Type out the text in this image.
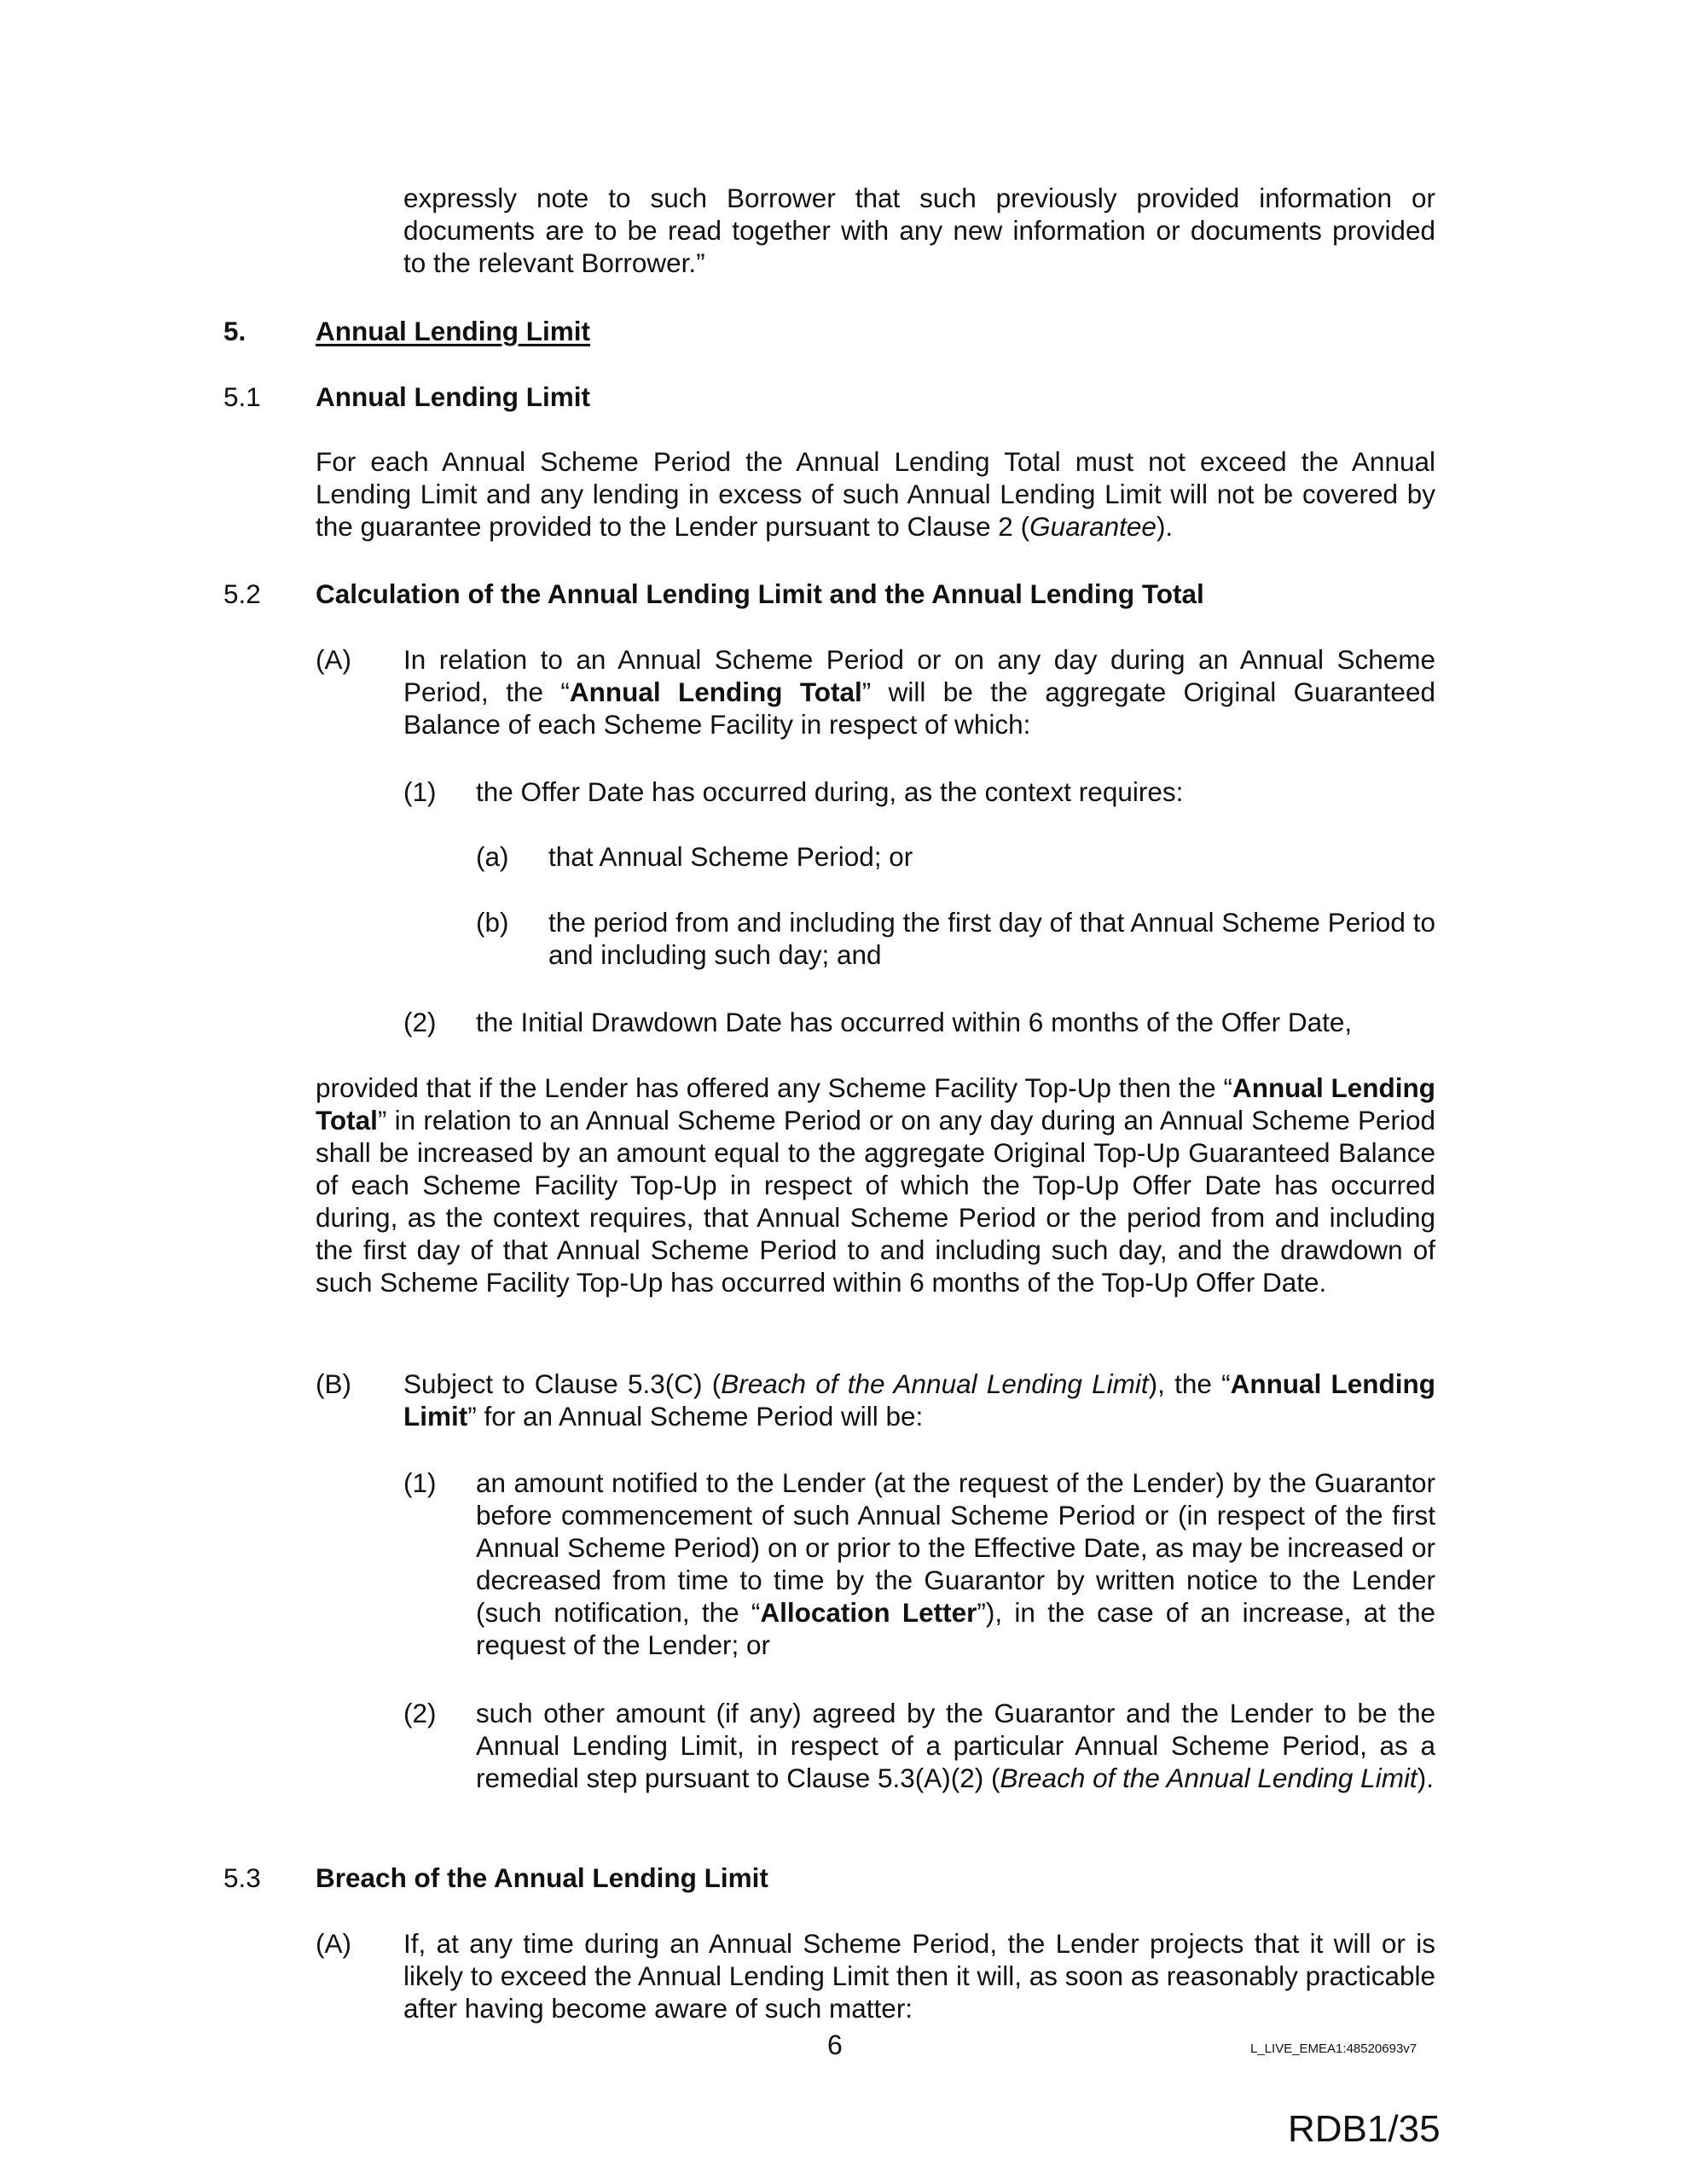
expressly note to such Borrower that such previously provided information or
documents are to be read together with any new information or documents provided
to the relevant Borrower.”
5.	Annual Lending Limit
5.1 Annual Lending Limit
For each Annual Scheme Period the Annual Lending Total must not exceed the Annual Lending Limit and any lending in excess of such Annual Lending Limit will not be covered by the guarantee provided to the Lender pursuant to Clause 2 (Guarantee).
5.2 Calculation of the Annual Lending Limit and the Annual Lending Total
(A) In relation to an Annual Scheme Period or on any day during an Annual Scheme Period, the “Annual Lending Total” will be the aggregate Original Guaranteed Balance of each Scheme Facility in respect of which:
(1) the Offer Date has occurred during, as the context requires:
(a) that Annual Scheme Period; or
(b) the period from and including the first day of that Annual Scheme Period to and including such day; and
(2) the Initial Drawdown Date has occurred within 6 months of the Offer Date,
provided that if the Lender has offered any Scheme Facility Top-Up then the “Annual Lending Total” in relation to an Annual Scheme Period or on any day during an Annual Scheme Period shall be increased by an amount equal to the aggregate Original Top-Up Guaranteed Balance of each Scheme Facility Top-Up in respect of which the Top-Up Offer Date has occurred during, as the context requires, that Annual Scheme Period or the period from and including the first day of that Annual Scheme Period to and including such day, and the drawdown of such Scheme Facility Top-Up has occurred within 6 months of the Top-Up Offer Date.
(B) Subject to Clause 5.3(C) (Breach of the Annual Lending Limit), the “Annual Lending Limit” for an Annual Scheme Period will be:
(1) an amount notified to the Lender (at the request of the Lender) by the Guarantor before commencement of such Annual Scheme Period or (in respect of the first Annual Scheme Period) on or prior to the Effective Date, as may be increased or decreased from time to time by the Guarantor by written notice to the Lender (such notification, the “Allocation Letter”), in the case of an increase, at the request of the Lender; or
(2) such other amount (if any) agreed by the Guarantor and the Lender to be the Annual Lending Limit, in respect of a particular Annual Scheme Period, as a remedial step pursuant to Clause 5.3(A)(2) (Breach of the Annual Lending Limit).
5.3 Breach of the Annual Lending Limit
(A) If, at any time during an Annual Scheme Period, the Lender projects that it will or is likely to exceed the Annual Lending Limit then it will, as soon as reasonably practicable after having become aware of such matter:
6	L_LIVE_EMEA1:48520693v7
RDB1/35
